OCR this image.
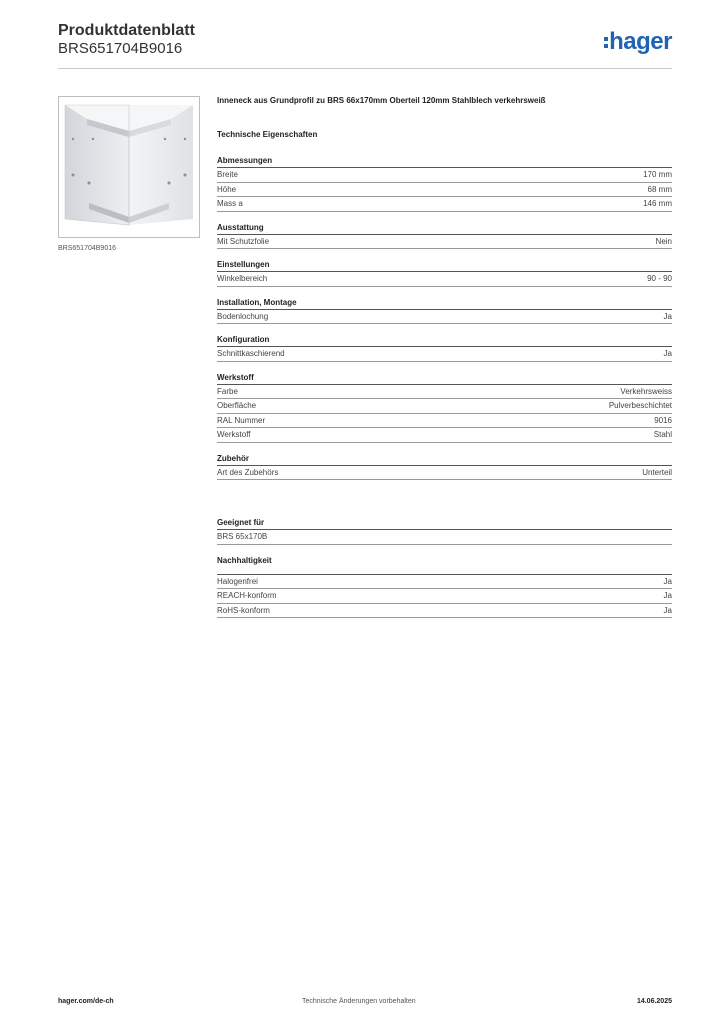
Produktdatenblatt
BRS651704B9016	hager
BRS651704B9016
Inneneck aus Grundprofil zu BRS 66x170mm Oberteil 120mm Stahlblech verkehrsweiß
Technische Eigenschaften
Abmessungen
Breite	170 mm
Höhe	68 mm
Mass a	146 mm
Ausstattung
Mit Schutzfolie	Nein
Einstellungen
Winkelbereich	90 - 90
Installation, Montage
Bodenlochung	Ja
Konfiguration
Schnittkaschierend	Ja
Werkstoff
Farbe	Verkehrsweiss
Oberfläche	Pulverbeschichtet
RAL Nummer	9016
Werkstoff	Stahl
Zubehör
Art des Zubehörs	Unterteil
Geeignet für
BRS 65x170B
Nachhaltigkeit
Halogenfrei	Ja
REACH-konform	Ja
RoHS-konform	Ja
hager.com/de-ch	Technische Änderungen vorbehalten	14.06.2025
